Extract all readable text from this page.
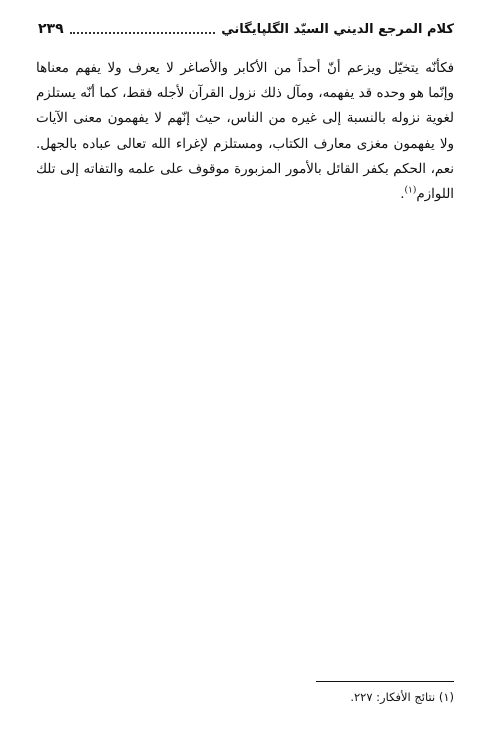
كلام المرجع الديني السيّد الگلپايگاني
٢٣٩

فكأنّه يتخيّل ويزعم أنّ أحداً من الأكابر والأصاغر لا يعرف ولا يفهم معناها وإنّما هو وحده قد يفهمه، ومآل ذلك نزول القرآن لأجله فقط، كما أنّه يستلزم لغوية نزوله بالنسبة إلى غيره من الناس، حيث إنّهم لا يفهمون معنى الآيات ولا يفهمون مغزى معارف الكتاب، ومستلزم لإغراء الله تعالى عباده بالجهل. نعم، الحكم بكفر القائل بالأمور المزبورة موقوف على علمه والتفاته إلى تلك اللوازم$^{(١)}$.

(١) نتائج الأفكار: ٢٢٧.
